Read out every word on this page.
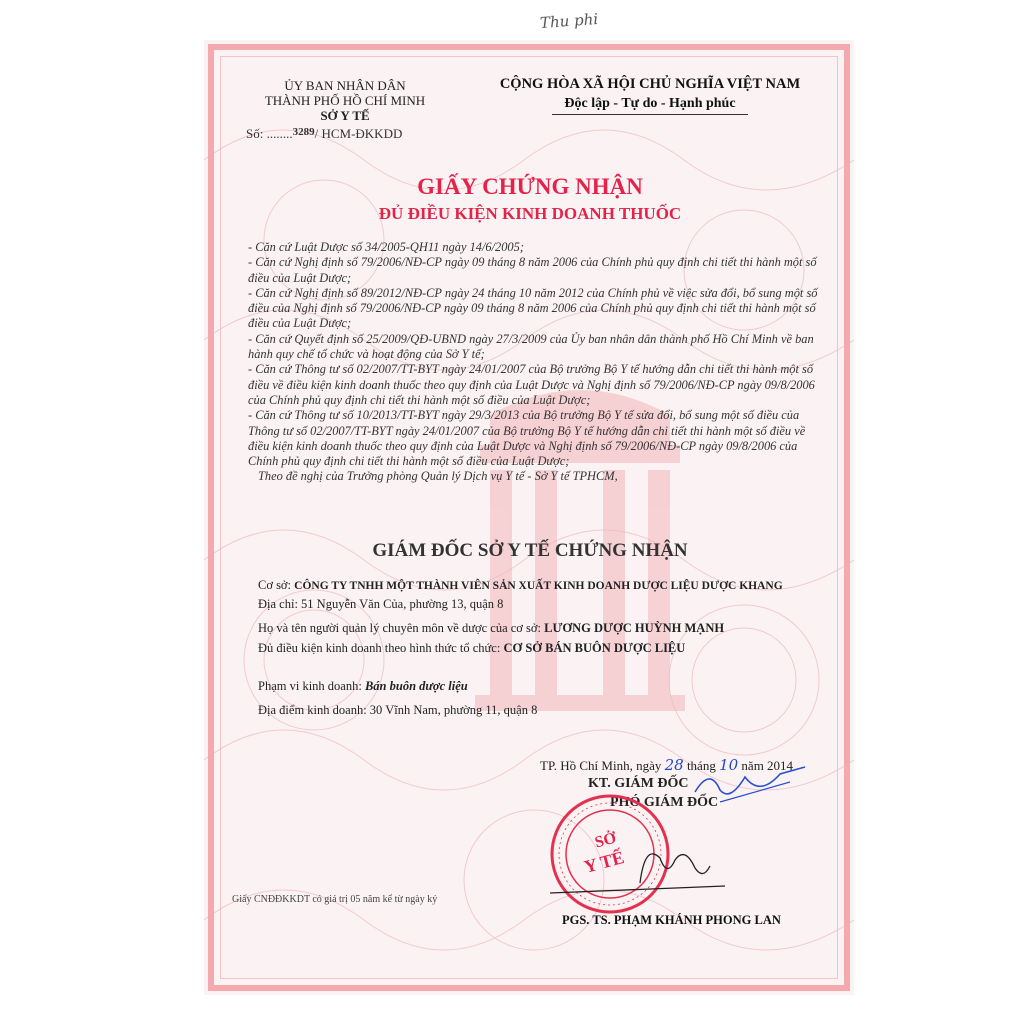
Thu phi
ỦY BAN NHÂN DÂN
THÀNH PHỐ HỒ CHÍ MINH
SỞ Y TẾ
Số: ........$^{3289}$/ HCM-ĐKKDD
CỘNG HÒA XÃ HỘI CHỦ NGHĨA VIỆT NAM
Độc lập - Tự do - Hạnh phúc
GIẤY CHỨNG NHẬN
ĐỦ ĐIỀU KIỆN KINH DOANH THUỐC

- Căn cứ Luật Dược số 34/2005-QH11 ngày 14/6/2005;

- Căn cứ Nghị định số 79/2006/NĐ-CP ngày 09 tháng 8 năm 2006 của Chính phủ quy định chi tiết thi hành một số điều của Luật Dược;

- Căn cứ Nghị định số 89/2012/NĐ-CP ngày 24 tháng 10 năm 2012 của Chính phủ về việc sửa đổi, bổ sung một số điều của Nghị định số 79/2006/NĐ-CP ngày 09 tháng 8 năm 2006 của Chính phủ quy định chi tiết thi hành một số điều của Luật Dược;

- Căn cứ Quyết định số 25/2009/QĐ-UBND ngày 27/3/2009 của Ủy ban nhân dân thành phố Hồ Chí Minh về ban hành quy chế tổ chức và hoạt động của Sở Y tế;

- Căn cứ Thông tư số 02/2007/TT-BYT ngày 24/01/2007 của Bộ trưởng Bộ Y tế hướng dẫn chi tiết thi hành một số điều về điều kiện kinh doanh thuốc theo quy định của Luật Dược và Nghị định số 79/2006/NĐ-CP ngày 09/8/2006 của Chính phủ quy định chi tiết thi hành một số điều của Luật Dược;

- Căn cứ Thông tư số 10/2013/TT-BYT ngày 29/3/2013 của Bộ trưởng Bộ Y tế sửa đổi, bổ sung một số điều của Thông tư số 02/2007/TT-BYT ngày 24/01/2007 của Bộ trưởng Bộ Y tế hướng dẫn chi tiết thi hành một số điều về điều kiện kinh doanh thuốc theo quy định của Luật Dược và Nghị định số 79/2006/NĐ-CP ngày 09/8/2006 của Chính phủ quy định chi tiết thi hành một số điều của Luật Dược;

Theo đề nghị của Trưởng phòng Quản lý Dịch vụ Y tế - Sở Y tế TPHCM,

GIÁM ĐỐC SỞ Y TẾ CHỨNG NHẬN
Cơ sở: CÔNG TY TNHH MỘT THÀNH VIÊN SẢN XUẤT KINH DOANH DƯỢC LIỆU DƯỢC KHANG
Địa chỉ: 51 Nguyễn Văn Của, phường 13, quận 8
Họ và tên người quản lý chuyên môn về dược của cơ sở: LƯƠNG DƯỢC HUỲNH MẠNH
Đủ điều kiện kinh doanh theo hình thức tổ chức: CƠ SỞ BÁN BUÔN DƯỢC LIỆU
Phạm vi kinh doanh: Bán buôn dược liệu
Địa điểm kinh doanh: 30 Vĩnh Nam, phường 11, quận 8
TP. Hồ Chí Minh, ngày 28 tháng 10 năm 2014
KT. GIÁM ĐỐC
PHÓ GIÁM ĐỐC
SỞ
Y TẾ
PGS. TS. PHẠM KHÁNH PHONG LAN
Giấy CNĐĐKKDT có giá trị 05 năm kể từ ngày ký
